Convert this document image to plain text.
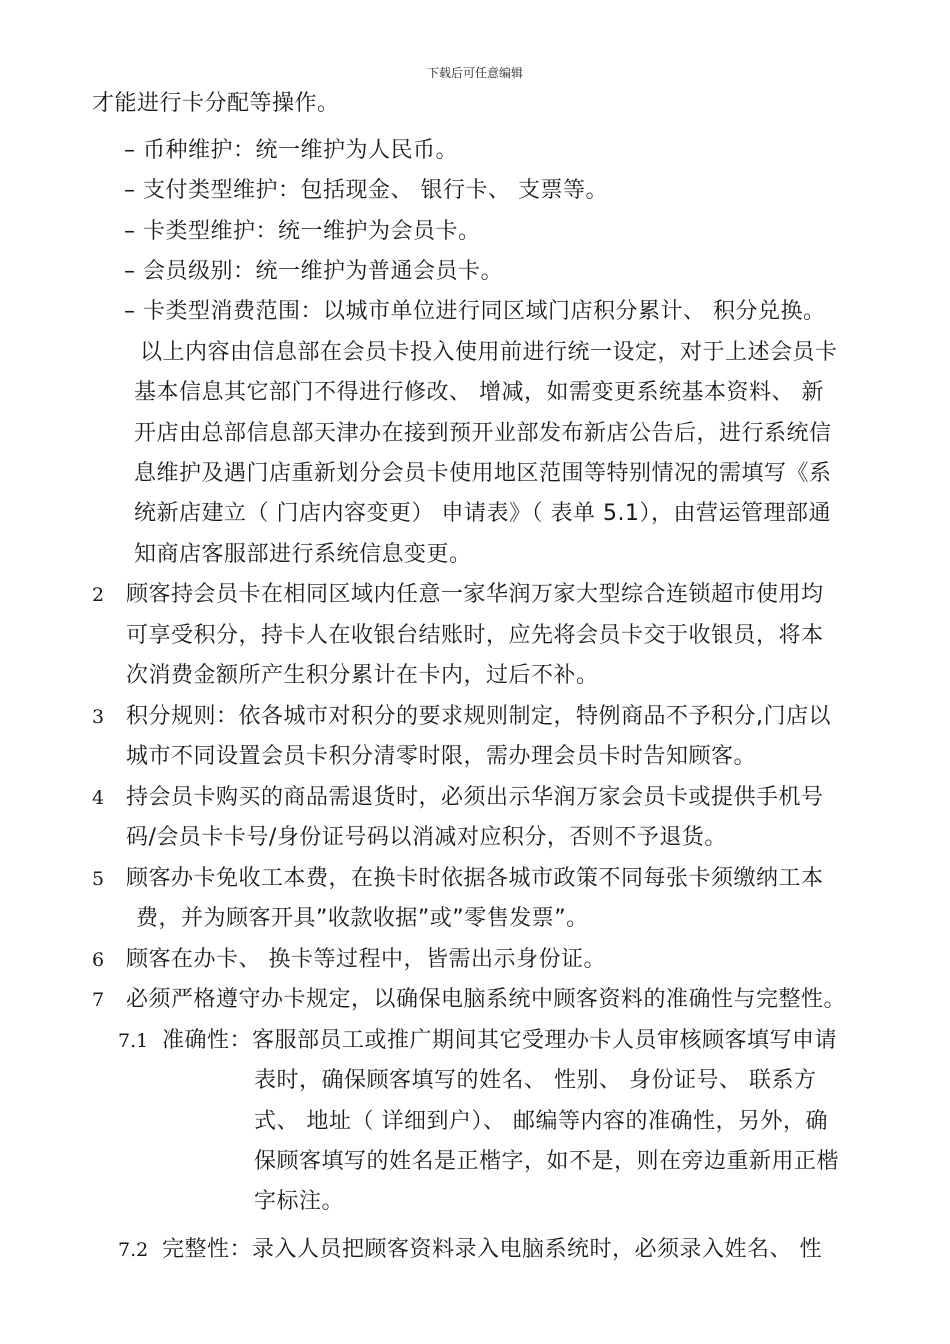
下载后可任意编辑
才能进行卡分配等操作。
– 币种维护：统一维护为人民币。
– 支付类型维护：包括现金、 银行卡、 支票等。
– 卡类型维护：统一维护为会员卡。
– 会员级别：统一维护为普通会员卡。
– 卡类型消费范围：以城市单位进行同区域门店积分累计、 积分兑换。
以上内容由信息部在会员卡投入使用前进行统一设定，对于上述会员卡
基本信息其它部门不得进行修改、 增减，如需变更系统基本资料、 新
开店由总部信息部天津办在接到预开业部发布新店公告后，进行系统信
息维护及遇门店重新划分会员卡使用地区范围等特别情况的需填写《系
统新店建立（ 门店内容变更） 申请表》（ 表单 5.1），由营运管理部通
知商店客服部进行系统信息变更。
2 顾客持会员卡在相同区域内任意一家华润万家大型综合连锁超市使用均
可享受积分，持卡人在收银台结账时，应先将会员卡交于收银员，将本
次消费金额所产生积分累计在卡内，过后不补。
3 积分规则：依各城市对积分的要求规则制定，特例商品不予积分,门店以
城市不同设置会员卡积分清零时限，需办理会员卡时告知顾客。
4 持会员卡购买的商品需退货时，必须出示华润万家会员卡或提供手机号
码/会员卡卡号/身份证号码以消减对应积分，否则不予退货。
5 顾客办卡免收工本费，在换卡时依据各城市政策不同每张卡须缴纳工本
费，并为顾客开具”收款收据”或”零售发票”。
6 顾客在办卡、 换卡等过程中，皆需出示身份证。
7 必须严格遵守办卡规定，以确保电脑系统中顾客资料的准确性与完整性。
7.1 准确性：客服部员工或推广期间其它受理办卡人员审核顾客填写申请
表时，确保顾客填写的姓名、 性别、 身份证号、 联系方
式、 地址（ 详细到户）、 邮编等内容的准确性，另外，确
保顾客填写的姓名是正楷字，如不是，则在旁边重新用正楷
字标注。
7.2 完整性：录入人员把顾客资料录入电脑系统时，必须录入姓名、 性
